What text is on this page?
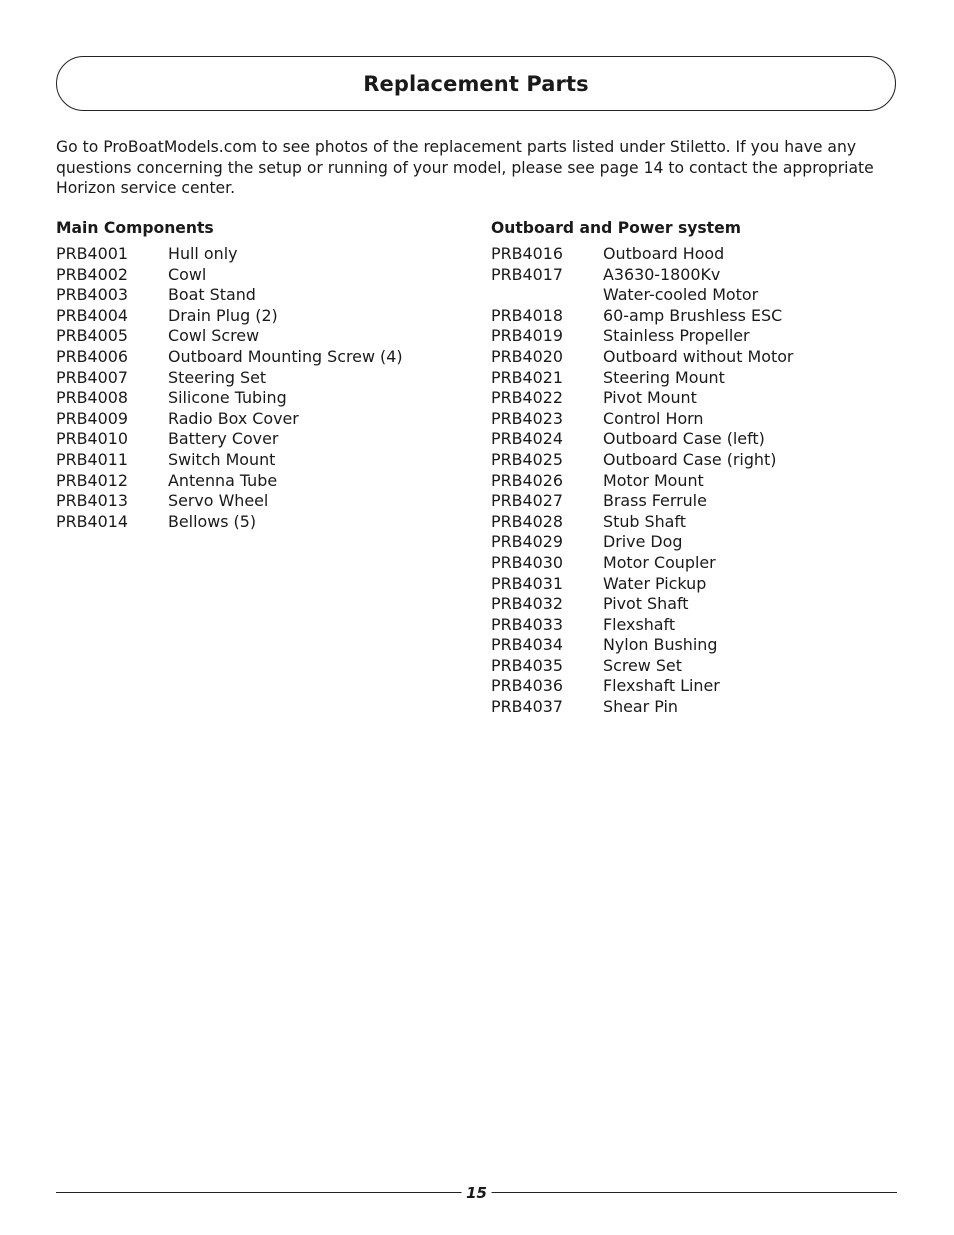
Replacement Parts

Go to ProBoatModels.com to see photos of the replacement parts listed under Stiletto. If you have any questions concerning the setup or running of your model, please see page 14 to contact the appropriate Horizon service center.

Main Components
PRB4001	Hull only
PRB4002	Cowl
PRB4003	Boat Stand
PRB4004	Drain Plug (2)
PRB4005	Cowl Screw
PRB4006	Outboard Mounting Screw (4)
PRB4007	Steering Set
PRB4008	Silicone Tubing
PRB4009	Radio Box Cover
PRB4010	Battery Cover
PRB4011	Switch Mount
PRB4012	Antenna Tube
PRB4013	Servo Wheel
PRB4014	Bellows (5)
Outboard and Power system
PRB4016	Outboard Hood
PRB4017	A3630-1800Kv
Water-cooled Motor
PRB4018	60-amp Brushless ESC
PRB4019	Stainless Propeller
PRB4020	Outboard without Motor
PRB4021	Steering Mount
PRB4022	Pivot Mount
PRB4023	Control Horn
PRB4024	Outboard Case (left)
PRB4025	Outboard Case (right)
PRB4026	Motor Mount
PRB4027	Brass Ferrule
PRB4028	Stub Shaft
PRB4029	Drive Dog
PRB4030	Motor Coupler
PRB4031	Water Pickup
PRB4032	Pivot Shaft
PRB4033	Flexshaft
PRB4034	Nylon Bushing
PRB4035	Screw Set
PRB4036	Flexshaft Liner
PRB4037	Shear Pin
15
